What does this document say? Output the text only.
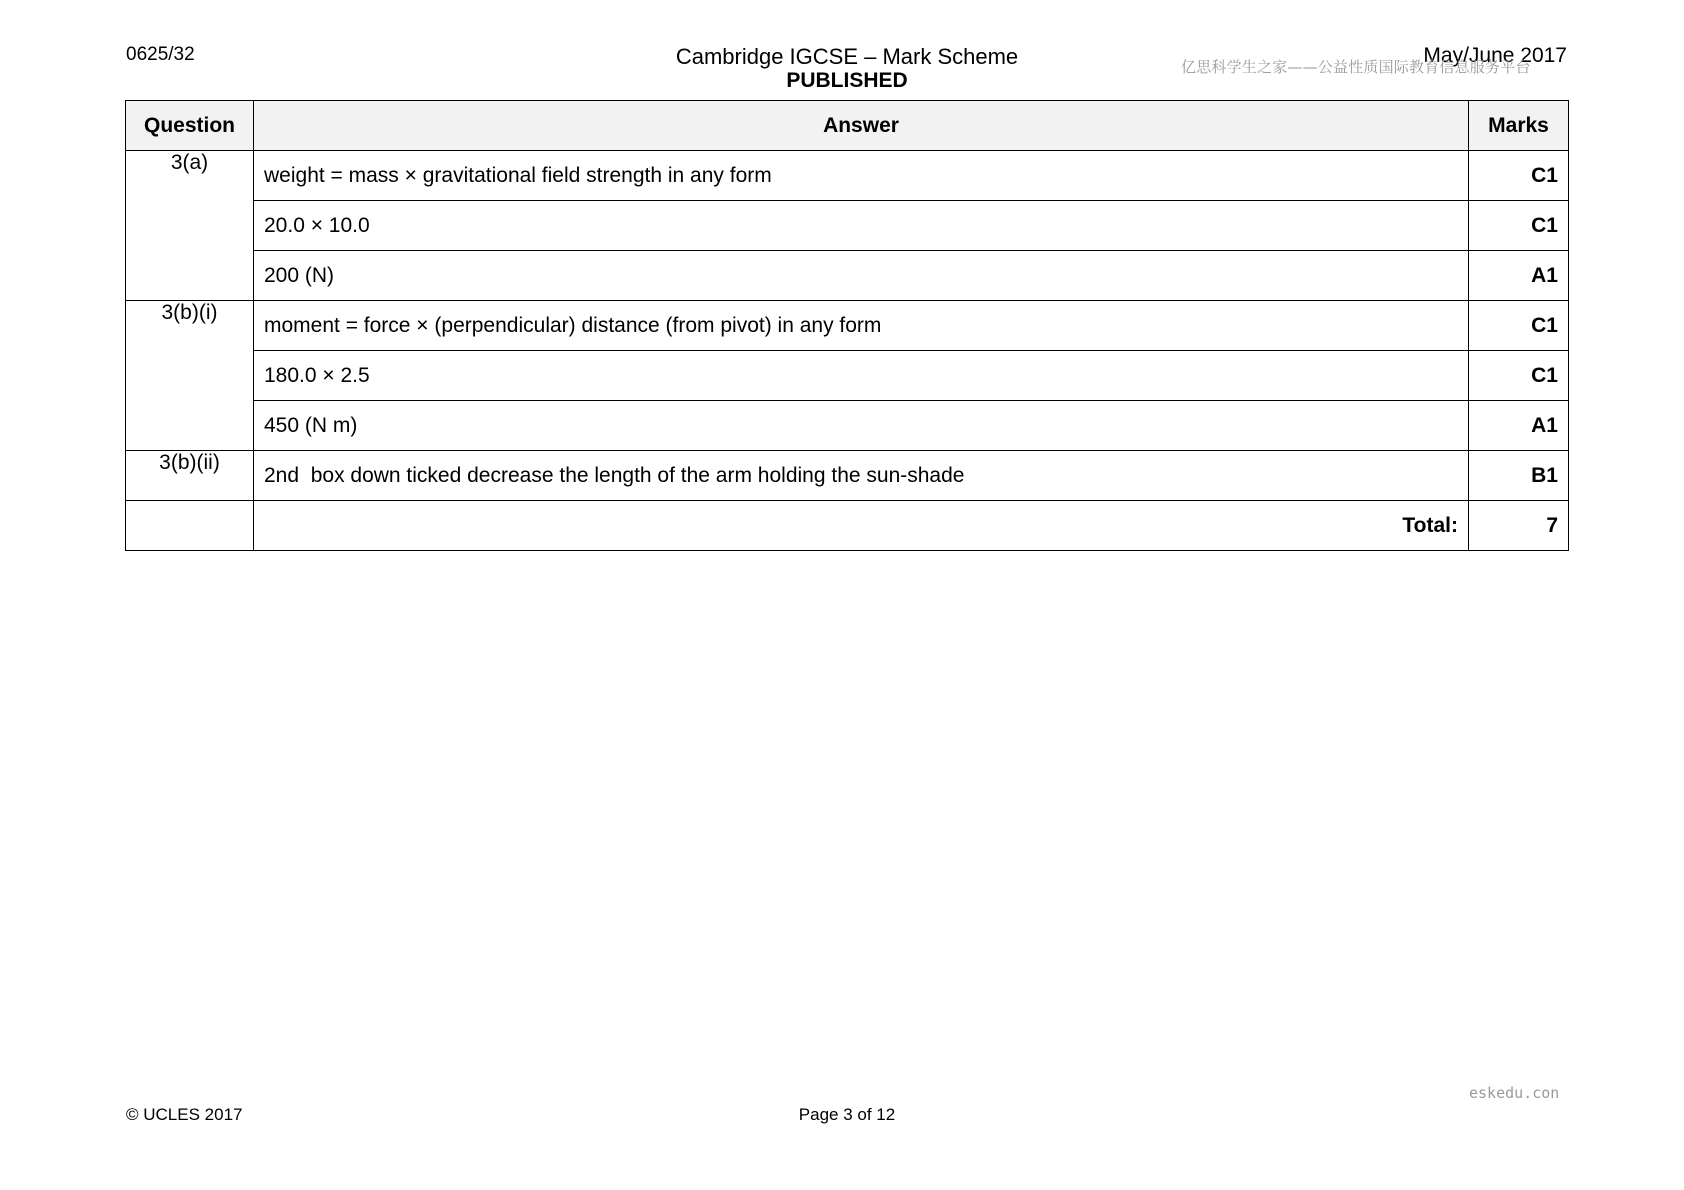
0625/32	Cambridge IGCSE – Mark Scheme
PUBLISHED
May/June 2017
亿思科学生之家——公益性质国际教育信息服务平台
Question	Answer	Marks
3(a)	weight = mass × gravitational field strength in any form	C1
	20.0 × 10.0	C1
	200 (N)	A1
3(b)(i)	moment = force × (perpendicular) distance (from pivot) in any form	C1
	180.0 × 2.5	C1
	450 (N m)	A1
3(b)(ii)	2nd  box down ticked decrease the length of the arm holding the sun-shade	B1
	Total:	7
eskedu.con
© UCLES 2017	Page 3 of 12
